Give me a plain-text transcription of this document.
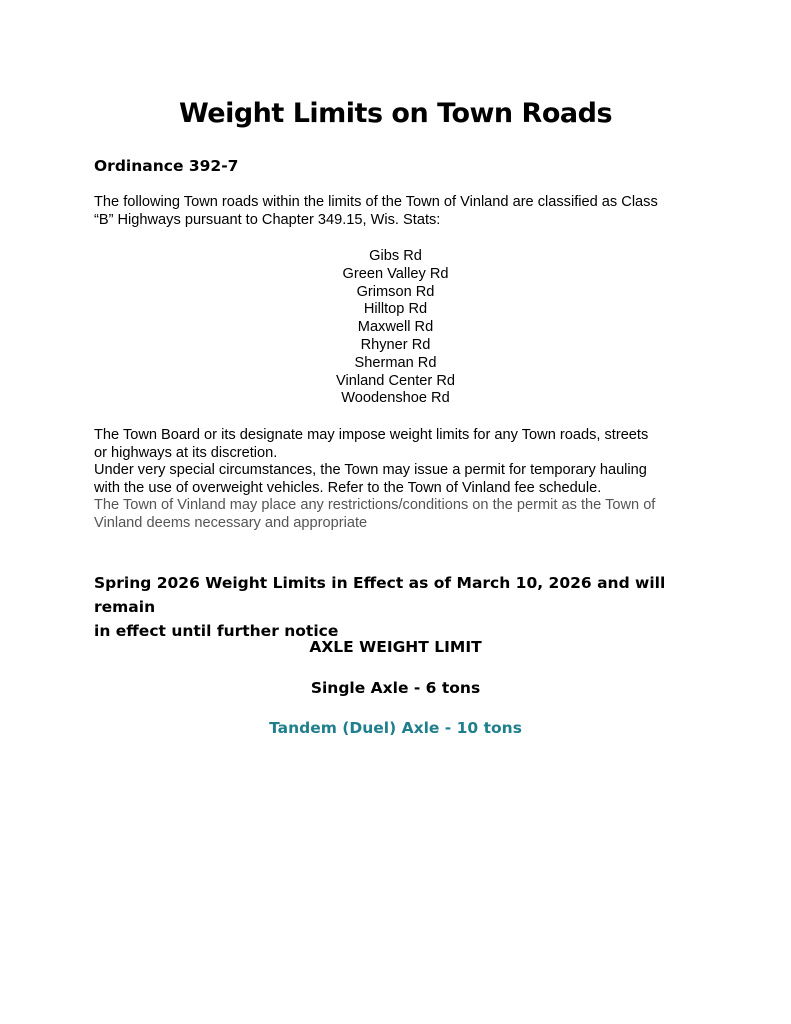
Weight Limits on Town Roads
Ordinance 392-7
The following Town roads within the limits of the Town of Vinland are classified as Class
“B” Highways pursuant to Chapter 349.15, Wis. Stats:
Gibs Rd
Green Valley Rd
Grimson Rd
Hilltop Rd
Maxwell Rd
Rhyner Rd
Sherman Rd
Vinland Center Rd
Woodenshoe Rd
The Town Board or its designate may impose weight limits for any Town roads, streets
or highways at its discretion.
Under very special circumstances, the Town may issue a permit for temporary hauling
with the use of overweight vehicles. Refer to the Town of Vinland fee schedule.
The Town of Vinland may place any restrictions/conditions on the permit as the Town of
Vinland deems necessary and appropriate
Spring 2026 Weight Limits in Effect as of March 10, 2026 and will remain
in effect until further notice
AXLE WEIGHT LIMIT
Single Axle - 6 tons
Tandem (Duel) Axle - 10 tons
